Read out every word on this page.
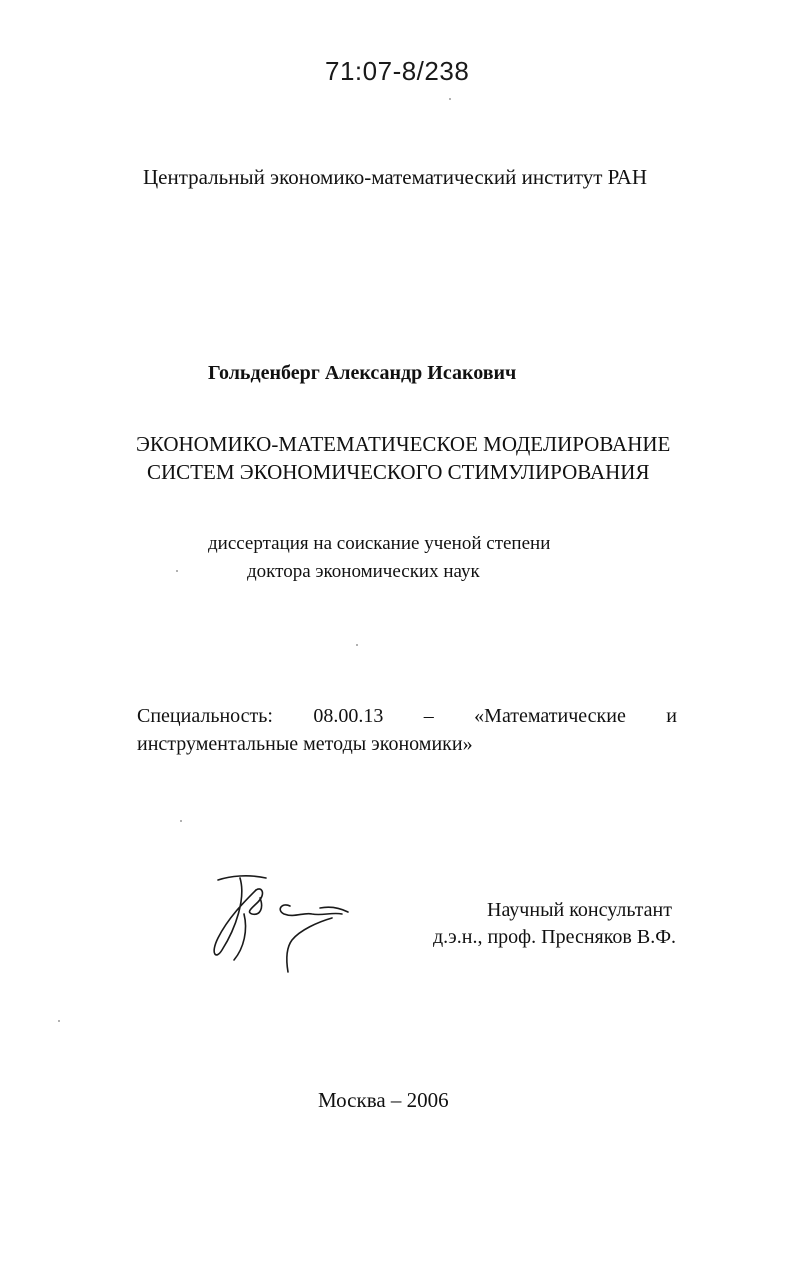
71:07-8/238
Центральный экономико-математический институт РАН
Гольденберг Александр Исакович
ЭКОНОМИКО-МАТЕМАТИЧЕСКОЕ МОДЕЛИРОВАНИЕ
СИСТЕМ ЭКОНОМИЧЕСКОГО СТИМУЛИРОВАНИЯ
диссертация на соискание ученой степени
доктора экономических наук
Специальность: 08.00.13 – «Математические и
инструментальные методы экономики»
Научный консультант
д.э.н., проф. Пресняков В.Ф.
Москва – 2006
